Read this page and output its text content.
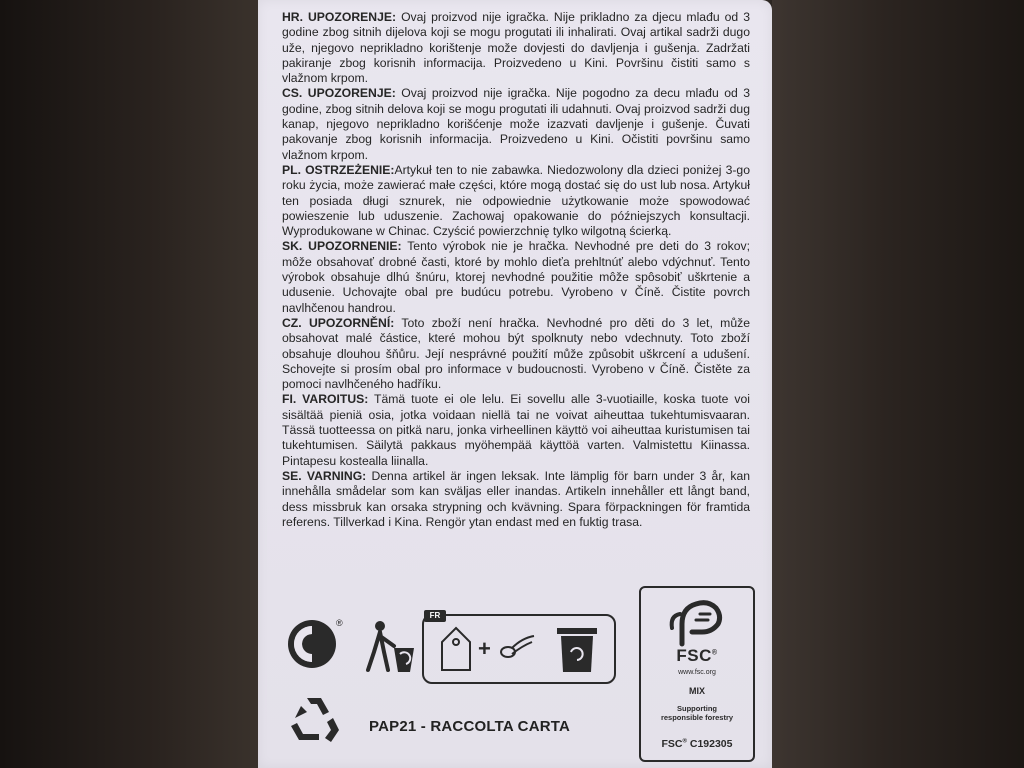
HR. UPOZORENJE: Ovaj proizvod nije igračka. Nije prikladno za djecu mlađu od 3 godine zbog sitnih dijelova koji se mogu progutati ili inhalirati. Ovaj artikal sadrži dugo uže, njegovo neprikladno korištenje može dovjesti do davljenja i gušenja. Zadržati pakiranje zbog korisnih informacija. Proizvedeno u Kini. Površinu čistiti samo s vlažnom krpom.

CS. UPOZORENJE: Ovaj proizvod nije igračka. Nije pogodno za decu mlađu od 3 godine, zbog sitnih delova koji se mogu progutati ili udahnuti. Ovaj proizvod sadrži dug kanap, njegovo neprikladno korišćenje može izazvati davljenje i gušenje. Čuvati pakovanje zbog korisnih informacija. Proizvedeno u Kini. Očistiti površinu samo vlažnom krpom.

PL. OSTRZEŻENIE:Artykuł ten to nie zabawka. Niedozwolony dla dzieci poniżej 3-go roku życia, może zawierać małe części, które mogą dostać się do ust lub nosa. Artykuł ten posiada długi sznurek, nie odpowiednie użytkowanie może spowodować powieszenie lub uduszenie. Zachowaj opakowanie do późniejszych konsultacji. Wyprodukowane w Chinac. Czyścić powierzchnię tylko wilgotną ścierką.

SK. UPOZORNENIE: Tento výrobok nie je hračka. Nevhodné pre deti do 3 rokov; môže obsahovať drobné časti, ktoré by mohlo dieťa prehltnúť alebo vdýchnuť. Tento výrobok obsahuje dlhú šnúru, ktorej nevhodné použitie môže spôsobiť uškrtenie a udusenie. Uchovajte obal pre budúcu potrebu. Vyrobeno v Číně. Čistite povrch navlhčenou handrou.

CZ. UPOZORNĚNÍ: Toto zboží není hračka. Nevhodné pro děti do 3 let, může obsahovat malé částice, které mohou být spolknuty nebo vdechnuty. Toto zboží obsahuje dlouhou šňůru. Její nesprávné použití může způsobit uškrcení a udušení. Schovejte si prosím obal pro informace v budoucnosti. Vyrobeno v Číně. Čistěte za pomoci navlhčeného hadříku.

FI. VAROITUS: Tämä tuote ei ole lelu. Ei sovellu alle 3-vuotiaille, koska tuote voi sisältää pieniä osia, jotka voidaan niellä tai ne voivat aiheuttaa tukehtumisvaaran. Tässä tuotteessa on pitkä naru, jonka virheellinen käyttö voi aiheuttaa kuristumisen tai tukehtumisen. Säilytä pakkaus myöhempää käyttöä varten. Valmistettu Kiinassa. Pintapesu kostealla liinalla.

SE. VARNING: Denna artikel är ingen leksak. Inte lämplig för barn under 3 år, kan innehålla smådelar som kan sväljas eller inandas. Artikeln innehåller ett långt band, dess missbruk kan orsaka strypning och kvävning. Spara förpackningen för framtida referens. Tillverkad i Kina. Rengör ytan endast med en fuktig trasa.

®
FR
+
PAP21 - RACCOLTA CARTA
FSC®
www.fsc.org
MIX
Supporting
responsible forestry
FSC® C192305
